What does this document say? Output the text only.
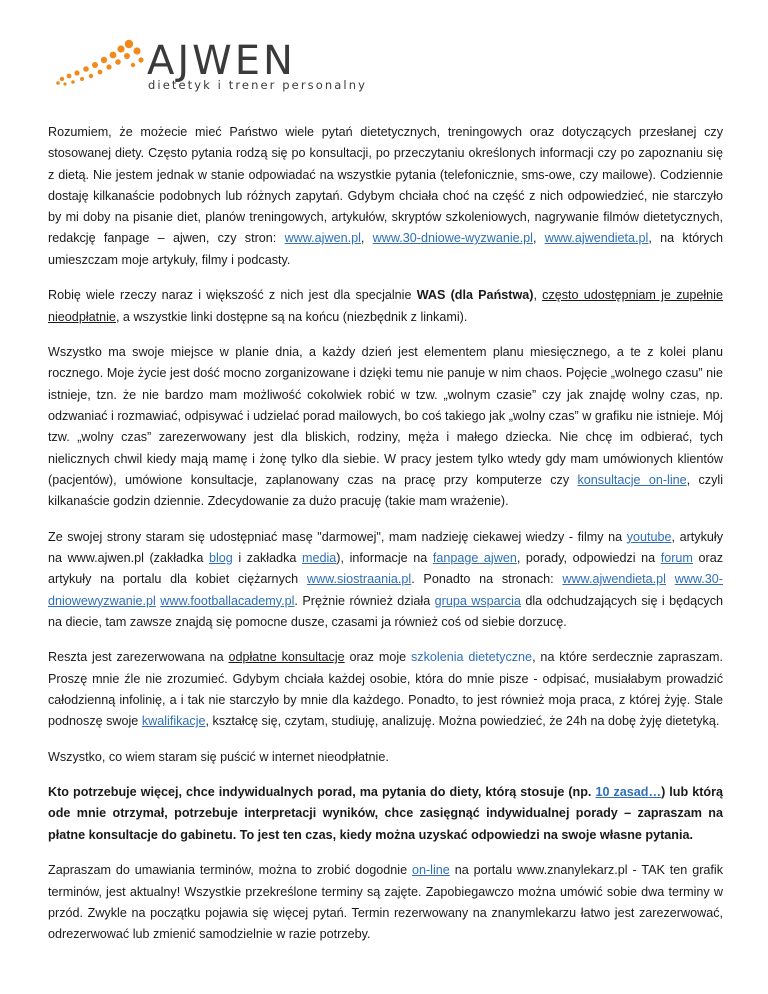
AJWEN
dietetyk i trener personalny

Rozumiem, że możecie mieć Państwo wiele pytań dietetycznych, treningowych oraz dotyczących przesłanej czy stosowanej diety. Często pytania rodzą się po konsultacji, po przeczytaniu określonych informacji czy po zapoznaniu się z dietą. Nie jestem jednak w stanie odpowiadać na wszystkie pytania (telefonicznie, sms-owe, czy mailowe). Codziennie dostaję kilkanaście podobnych lub różnych zapytań. Gdybym chciała choć na część z nich odpowiedzieć, nie starczyło by mi doby na pisanie diet, planów treningowych, artykułów, skryptów szkoleniowych, nagrywanie filmów dietetycznych, redakcję fanpage – ajwen, czy stron: www.ajwen.pl, www.30-dniowe-wyzwanie.pl, www.ajwendieta.pl, na których umieszczam moje artykuły, filmy i podcasty.

Robię wiele rzeczy naraz i większość z nich jest dla specjalnie WAS (dla Państwa), często udostępniam je zupełnie nieodpłatnie, a wszystkie linki dostępne są na końcu (niezbędnik z linkami).

Wszystko ma swoje miejsce w planie dnia, a każdy dzień jest elementem planu miesięcznego, a te z kolei planu rocznego. Moje życie jest dość mocno zorganizowane i dzięki temu nie panuje w nim chaos. Pojęcie „wolnego czasu” nie istnieje, tzn. że nie bardzo mam możliwość cokolwiek robić w tzw. „wolnym czasie” czy jak znajdę wolny czas, np. odzwaniać i rozmawiać, odpisywać i udzielać porad mailowych, bo coś takiego jak „wolny czas” w grafiku nie istnieje. Mój tzw. „wolny czas” zarezerwowany jest dla bliskich, rodziny, męża i małego dziecka. Nie chcę im odbierać, tych nielicznych chwil kiedy mają mamę i żonę tylko dla siebie. W pracy jestem tylko wtedy gdy mam umówionych klientów (pacjentów), umówione konsultacje, zaplanowany czas na pracę przy komputerze czy konsultacje on-line, czyli kilkanaście godzin dziennie. Zdecydowanie za dużo pracuję (takie mam wrażenie).

Ze swojej strony staram się udostępniać masę "darmowej", mam nadzieję ciekawej wiedzy - filmy na youtube, artykuły na www.ajwen.pl (zakładka blog i zakładka media), informacje na fanpage ajwen, porady, odpowiedzi na forum oraz artykuły na portalu dla kobiet ciężarnych www.siostraania.pl. Ponadto na stronach: www.ajwendieta.pl www.30-dniowewyzwanie.pl www.footballacademy.pl. Prężnie również działa grupa wsparcia dla odchudzających się i będących na diecie, tam zawsze znajdą się pomocne dusze, czasami ja również coś od siebie dorzucę.

Reszta jest zarezerwowana na odpłatne konsultacje oraz moje szkolenia dietetyczne, na które serdecznie zapraszam. Proszę mnie źle nie zrozumieć. Gdybym chciała każdej osobie, która do mnie pisze - odpisać, musiałabym prowadzić całodzienną infolinię, a i tak nie starczyło by mnie dla każdego. Ponadto, to jest również moja praca, z której żyję. Stale podnoszę swoje kwalifikacje, kształcę się, czytam, studiuję, analizuję. Można powiedzieć, że 24h na dobę żyję dietetyką.

Wszystko, co wiem staram się puścić w internet nieodpłatnie.

Kto potrzebuje więcej, chce indywidualnych porad, ma pytania do diety, którą stosuje (np. 10 zasad…) lub którą ode mnie otrzymał, potrzebuje interpretacji wyników, chce zasięgnąć indywidualnej porady – zapraszam na płatne konsultacje do gabinetu. To jest ten czas, kiedy można uzyskać odpowiedzi na swoje własne pytania.

Zapraszam do umawiania terminów, można to zrobić dogodnie on-line na portalu www.znanylekarz.pl - TAK ten grafik terminów, jest aktualny! Wszystkie przekreślone terminy są zajęte. Zapobiegawczo można umówić sobie dwa terminy w przód. Zwykle na początku pojawia się więcej pytań. Termin rezerwowany na znanymlekarzu łatwo jest zarezerwować, odrezerwować lub zmienić samodzielnie w razie potrzeby.
